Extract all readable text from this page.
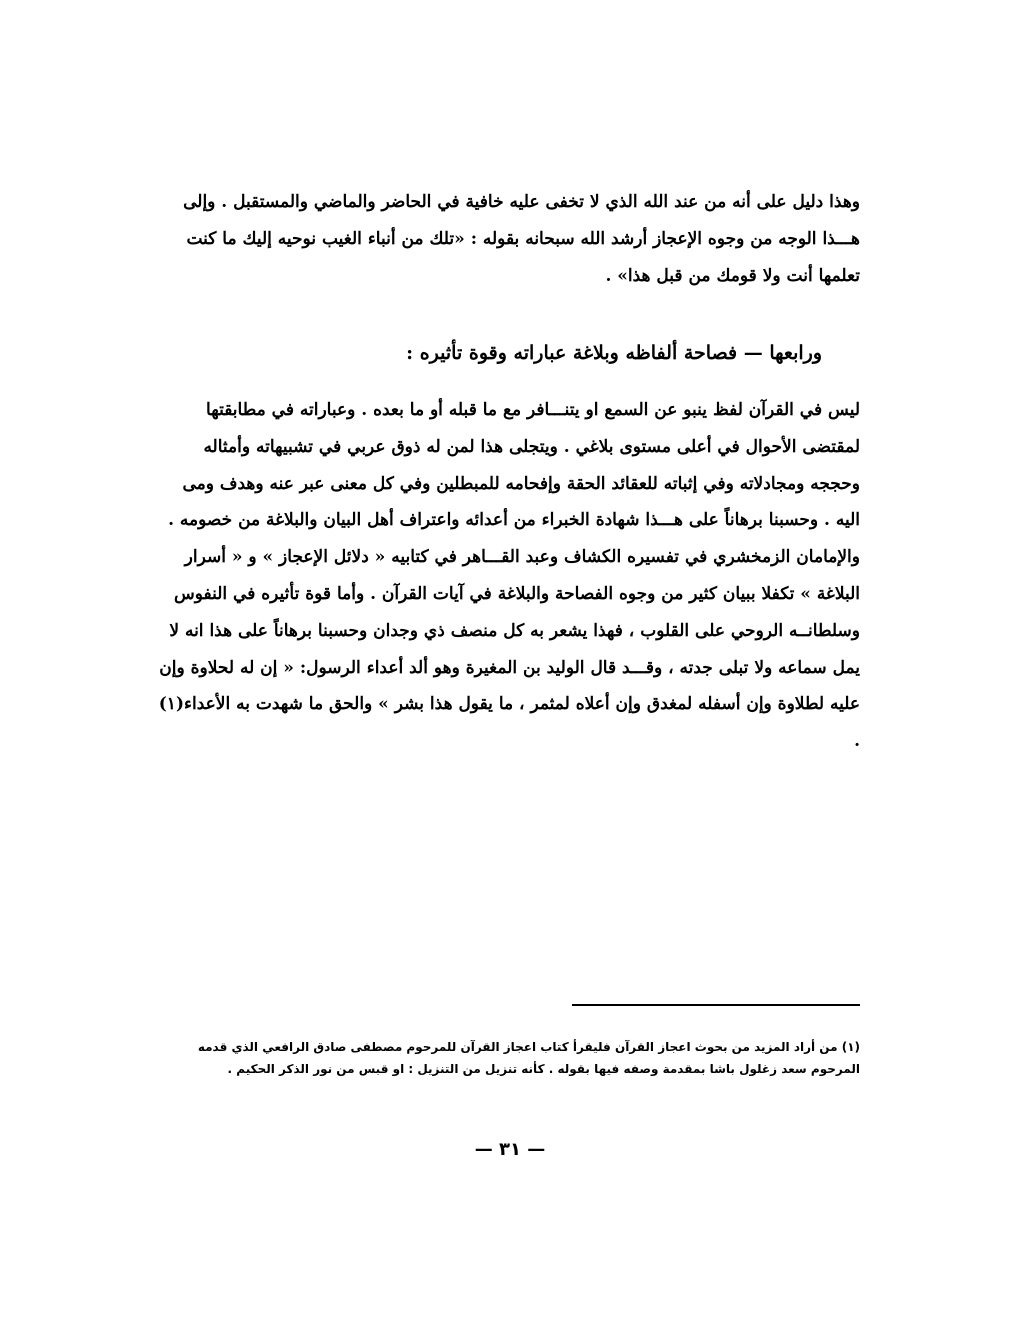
وهذا دليل على أنه من عند الله الذي لا تخفى عليه خافية في الحاضر والماضي والمستقبل . وإلى هـــذا الوجه من وجوه الإعجاز أرشد الله سبحانه بقوله : «تلك من أنباء الغيب نوحيه إليك ما كنت تعلمها أنت ولا قومك من قبل هذا» .

ورابعها — فصاحة ألفاظه وبلاغة عباراته وقوة تأثيره :

ليس في القرآن لفظ ينبو عن السمع او يتنـــافر مع ما قبله أو ما بعده . وعباراته في مطابقتها لمقتضى الأحوال في أعلى مستوى بلاغي . ويتجلى هذا لمن له ذوق عربي في تشبيهاته وأمثاله وحججه ومجادلاته وفي إثباته للعقائد الحقة وإفحامه للمبطلين وفي كل معنى عبر عنه وهدف ومى اليه . وحسبنا برهاناً على هـــذا شهادة الخبراء من أعدائه واعتراف أهل البيان والبلاغة من خصومه . والإمامان الزمخشري في تفسيره الكشاف وعبد القـــاهر في كتابيه « دلائل الإعجاز » و « أسرار البلاغة » تكفلا ببيان كثير من وجوه الفصاحة والبلاغة في آيات القرآن . وأما قوة تأثيره في النفوس وسلطانــه الروحي على القلوب ، فهذا يشعر به كل منصف ذي وجدان وحسبنا برهاناً على هذا انه لا يمل سماعه ولا تبلى جدته ، وقـــد قال الوليد بن المغيرة وهو ألد أعداء الرسول: « إن له لحلاوة وإن عليه لطلاوة وإن أسفله لمغدق وإن أعلاه لمثمر ، ما يقول هذا بشر » والحق ما شهدت به الأعداء(١) .

(١) من أراد المزيد من بحوث اعجاز القرآن فليقرأ كتاب اعجاز القرآن للمرحوم مصطفى صادق الرافعي الذي قدمه المرحوم سعد زغلول باشا بمقدمة وصفه فيها بقوله . كأنه تنزيل من التنزيل : او قبس من نور الذكر الحكيم .

— ٣١ —
